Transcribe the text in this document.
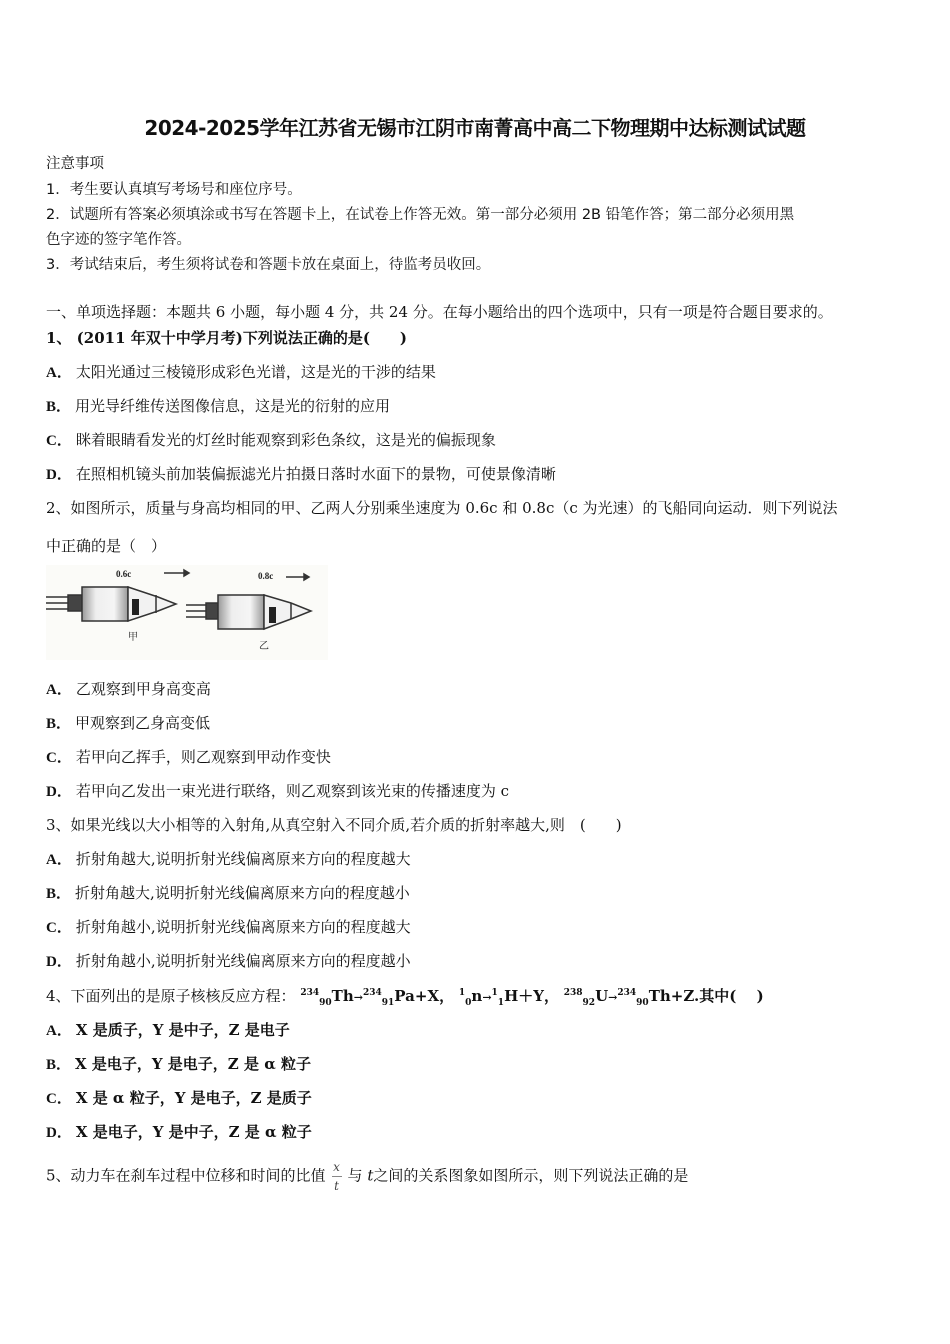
2024-2025学年江苏省无锡市江阴市南菁高中高二下物理期中达标测试试题
注意事项
1．考生要认真填写考场号和座位序号。
2．试题所有答案必须填涂或书写在答题卡上，在试卷上作答无效。第一部分必须用 2B 铅笔作答；第二部分必须用黑
色字迹的签字笔作答。
3．考试结束后，考生须将试卷和答题卡放在桌面上，待监考员收回。
一、单项选择题：本题共 6 小题，每小题 4 分，共 24 分。在每小题给出的四个选项中，只有一项是符合题目要求的。
1、 (2011 年双十中学月考)下列说法正确的是(　　)
A． 太阳光通过三棱镜形成彩色光谱，这是光的干涉的结果
B． 用光导纤维传送图像信息，这是光的衍射的应用
C． 眯着眼睛看发光的灯丝时能观察到彩色条纹，这是光的偏振现象
D． 在照相机镜头前加装偏振滤光片拍摄日落时水面下的景物，可使景像清晰
2、如图所示，质量与身高均相同的甲、乙两人分别乘坐速度为 0.6c 和 0.8c（c 为光速）的飞船同向运动．则下列说法
中正确的是（　）
0.6c
甲
0.8c
乙
A． 乙观察到甲身高变高
B． 甲观察到乙身高变低
C． 若甲向乙挥手，则乙观察到甲动作变快
D． 若甲向乙发出一束光进行联络，则乙观察到该光束的传播速度为 c
3、如果光线以大小相等的入射角,从真空射入不同介质,若介质的折射率越大,则　(　　)
A． 折射角越大,说明折射光线偏离原来方向的程度越大
B． 折射角越大,说明折射光线偏离原来方向的程度越小
C． 折射角越小,说明折射光线偏离原来方向的程度越大
D． 折射角越小,说明折射光线偏离原来方向的程度越小
4、下面列出的是原子核核反应方程： $^{234}_{90}$Th→$^{234}_{91}$Pa+X， $^1_0$n→$^1_1$H＋Y， $^{238}_{92}$U→$^{234}_{90}$Th+Z.其中(　 )
A． X 是质子，Y 是中子，Z 是电子
B． X 是电子，Y 是电子，Z 是 α 粒子
C． X 是 α 粒子，Y 是电子，Z 是质子
D． X 是电子，Y 是中子，Z 是 α 粒子
5、动力车在刹车过程中位移和时间的比值 $\frac{x}{t}$ 与 t之间的关系图象如图所示，则下列说法正确的是
